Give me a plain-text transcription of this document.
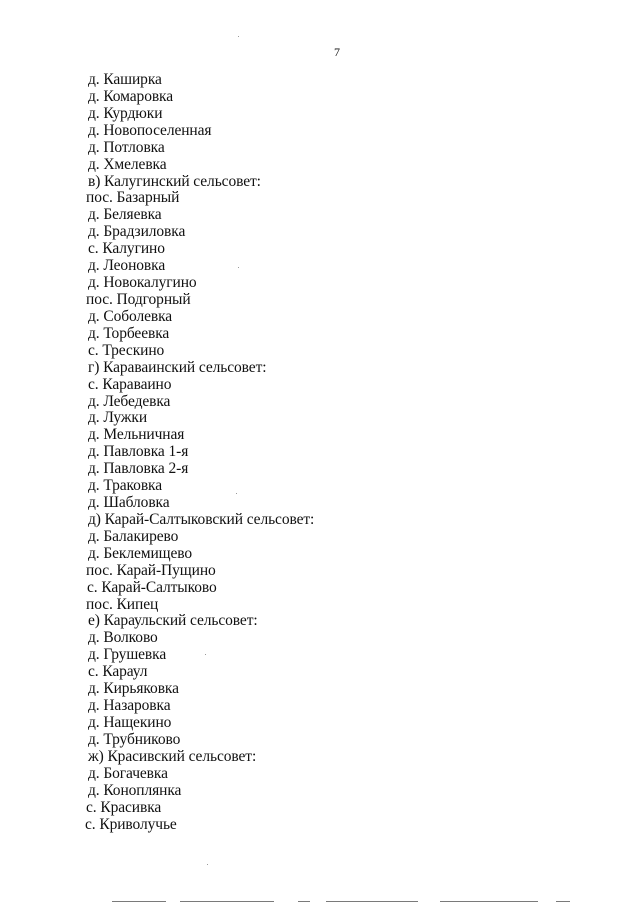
7
д. Каширка
д. Комаровка
д. Курдюки
д. Новопоселенная
д. Потловка
д. Хмелевка
в) Калугинский сельсовет:
пос. Базарный
д. Беляевка
д. Брадзиловка
с. Калугино
д. Леоновка
д. Новокалугино
пос. Подгорный
д. Соболевка
д. Торбеевка
с. Трескино
г) Караваинский сельсовет:
с. Караваино
д. Лебедевка
д. Лужки
д. Мельничная
д. Павловка 1-я
д. Павловка 2-я
д. Траковка
д. Шабловка
д) Карай-Салтыковский сельсовет:
д. Балакирево
д. Беклемищево
пос. Карай-Пущино
с. Карай-Салтыково
пос. Кипец
е) Караульский сельсовет:
д. Волково
д. Грушевка
с. Караул
д. Кирьяковка
д. Назаровка
д. Нащекино
д. Трубниково
ж) Красивский сельсовет:
д. Богачевка
д. Коноплянка
с. Красивка
с. Криволучье
